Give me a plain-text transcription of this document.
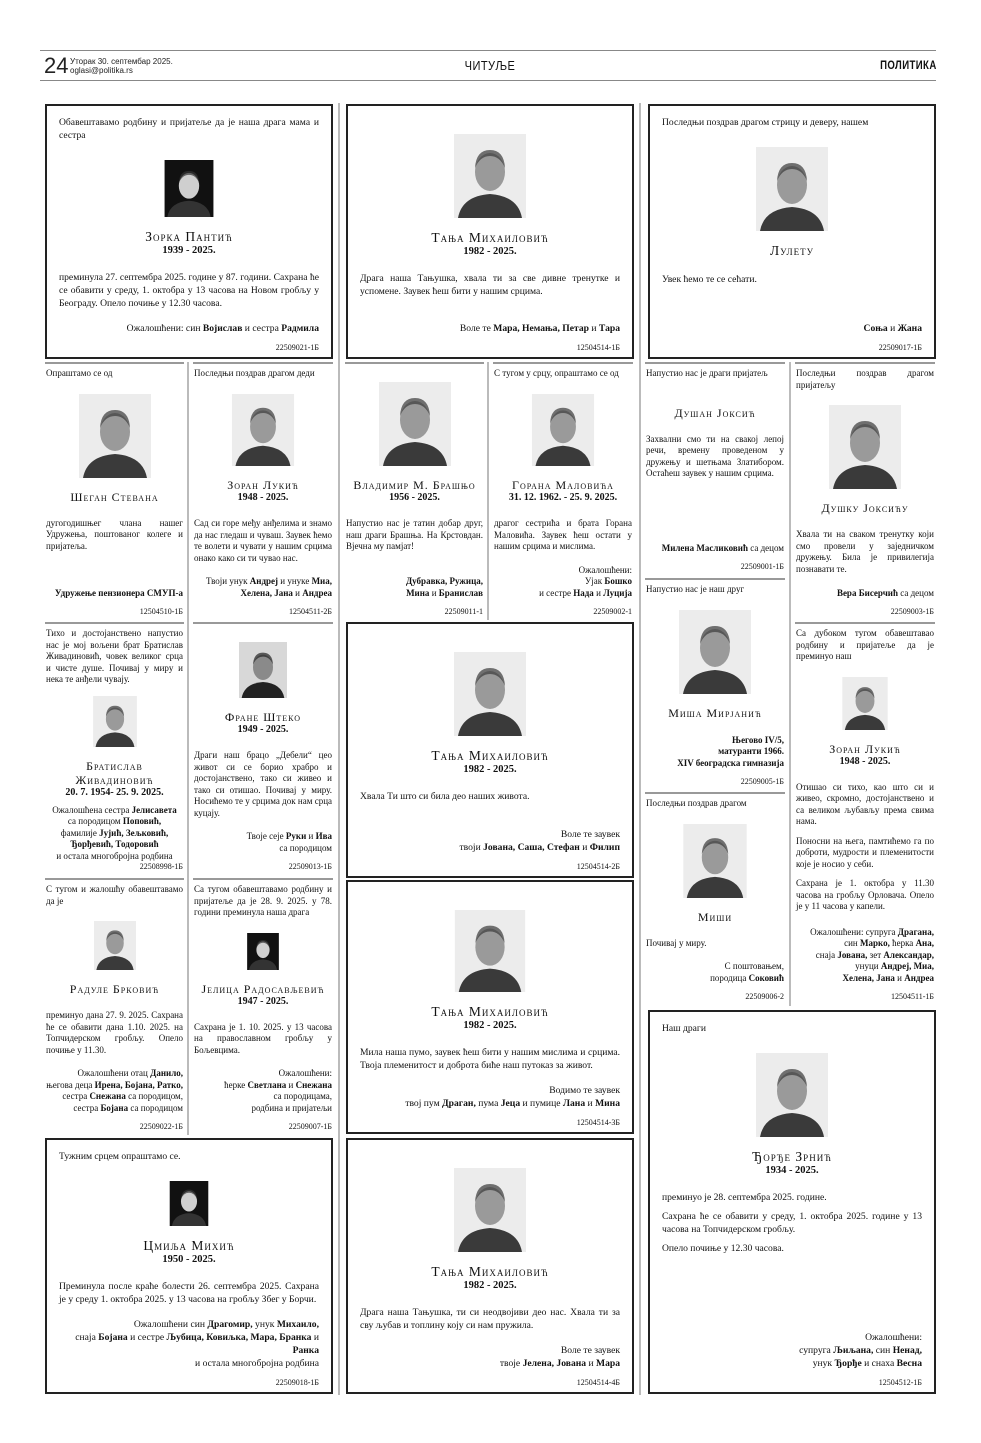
24 Уторак 30. септембар 2025.
oglasi@politika.rs	ЧИТУЉЕ	ПОЛИТИКА
Обавештавамо родбину и пријатеље да је наша драга мама и сестра
Зорка Пантић
1939 - 2025.

преминула 27. септембра 2025. године у 87. години. Сахрана ће се обавити у среду, 1. октобра у 13 часова на Новом гробљу у Београду. Опело почиње у 12.30 часова.

Ожалошћени: син Војислав и сестра Радмила
22509021-1Б
Тања Михаиловић
1982 - 2025.

Драга наша Тањушка, хвала ти за све дивне тренутке и успомене. Заувек ћеш бити у нашим срцима.

Воле те Мара, Немања, Петар и Тара
12504514-1Б
Последњи поздрав драгом стрицу и деверу, нашем
Лулету

Увек ћемо те се сећати.

Соња и Жана
22509017-1Б
Опраштамо се од
Шеган Стевана

дугогодишњег члана нашег Удружења, поштованог колеге и пријатеља.

Удружење пензионера СМУП-а
12504510-1Б
Последњи поздрав драгом деди
Зоран Лукић
1948 - 2025.

Сад си горе међу анђелима и знамо да нас гледаш и чуваш. Заувек ћемо те волети и чувати у нашим срцима онако како си ти чувао нас.

Твоји унук Андреј и унуке Миа,
Хелена, Јана и Андреа
12504511-2Б
Владимир М. Брашњо
1956 - 2025.

Напустио нас је татин добар друг, наш драги Брашња. На Крстовдан. Вјечна му памјат!

Дубравка, Ружица,
Мина и Бранислав
22509011-1
С тугом у срцу, опраштамо се од
Горана Маловића
31. 12. 1962. - 25. 9. 2025.

драгог сестрића и брата Горана Маловића. Заувек ћеш остати у нашим срцима и мислима.

Ожалошћени:
Ујак Бошко
и сестре Нада и Луција
22509002-1
Напустио нас је драги пријатељ
Душан Јоксић

Захвални смо ти на свакој лепој речи, времену проведеном у дружењу и шетњама Златибором. Остаћеш заувек у нашим срцима.

Милена Масликовић са децом
22509001-1Б
Последњи поздрав драгом пријатељу
Душку Јоксићу

Хвала ти на сваком тренутку који смо провели у заједничком дружењу. Била је привилегија познавати те.

Вера Бисерчић са децом
22509003-1Б
Тихо и достојанствено напустио нас је мој вољени брат Братислав Живадиновић, човек великог срца и чисте душе. Почивај у миру и нека те анђели чувају.
Братислав Живадиновић
20. 7. 1954- 25. 9. 2025.
Ожалошћена сестра Јелисавета
са породицом Поповић,
фамилије Јујић, Зељковић,
Ђорђевић, Тодоровић
и остала многобројна родбина
22508998-1Б
Фране Штеко
1949 - 2025.

Драги наш брацо „Дебели“ цео живот си се борио храбро и достојанствено, тако си живео и тако си отишао. Почивај у миру. Носићемо те у срцима док нам срца куцају.

Твоје сеје Руки и Ива
са породицом
22509013-1Б
Напустио нас је наш друг
Миша Мирјанић
Његово IV/5,
матуранти 1966.
XIV београдска гимназија
22509005-1Б
Последњи поздрав драгом
Миши

Почивај у миру.

С поштовањем,
породица Соковић
22509006-2
Са дубоком тугом обавештавао родбину и пријатеље да је преминуо наш
Зоран Лукић
1948 - 2025.

Отишао си тихо, као што си и живео, скромно, достојанствено и са великом љубављу према свима нама.

Поносни на њега, памтићемо га по доброти, мудрости и племенитости које је носио у себи.

Сахрана је 1. октобра у 11.30 часова на гробљу Орловача. Опело је у 11 часова у капели.

Ожалошћени: супруга Драгана,
син Марко, ћерка Ана,
снаја Јована, зет Александар,
унуци Андреј, Миа,
Хелена, Јана и Андреа
12504511-1Б
Тања Михаиловић
1982 - 2025.

Хвала Ти што си била део наших живота.

Воле те заувек
твоји Јована, Саша, Стефан и Филип
12504514-2Б
Тања Михаиловић
1982 - 2025.

Мила наша пумо, заувек ћеш бити у нашим мислима и срцима. Твоја племенитост и доброта биће наш путоказ за живот.

Водимо те заувек
твој пум Драган, пума Јеца и пумице Лана и Мина
12504514-3Б
Тања Михаиловић
1982 - 2025.

Драга наша Тањушка, ти си неодвојиви део нас. Хвала ти за сву љубав и топлину коју си нам пружила.

Воле те заувек
твоје Јелена, Јована и Мара
12504514-4Б
С тугом и жалошћу обавештавамо да је
Радуле Брковић

преминуо дана 27. 9. 2025. Сахрана ће се обавити дана 1.10. 2025. на Топчидерском гробљу. Опело почиње у 11.30.

Ожалошћени отац Данило,
његова деца Ирена, Бојана, Ратко,
сестра Снежана са породицом,
сестра Бојана са породицом
22509022-1Б
Са тугом обавештавамо родбину и пријатеље да је 28. 9. 2025. у 78. години преминула наша драга
Јелица Радосављевић
1947 - 2025.

Сахрана је 1. 10. 2025. у 13 часова на православном гробљу у Бољевцима.

Ожалошћени:
ћерке Светлана и Снежана
са породицама,
родбина и пријатељи
22509007-1Б
Тужним срцем опраштамо се.
Цмиља Михић
1950 - 2025.

Преминула после краће болести 26. септембра 2025. Сахрана је у среду 1. октобра 2025. у 13 часова на гробљу Збег у Борчи.

Ожалошћени син Драгомир, унук Михаило,
снаја Бојана и сестре Љубица, Ковиљка, Мара, Бранка и Ранка
и остала многобројна родбина
22509018-1Б
Наш драги
Ђорђе Зрнић
1934 - 2025.

преминуо је 28. септембра 2025. године.

Сахрана ће се обавити у среду, 1. октобра 2025. године у 13 часова на Топчидерском гробљу.

Опело почиње у 12.30 часова.

Ожалошћени:
супруга Љиљана, син Ненад,
унук Ђорђе и снаха Весна
12504512-1Б
